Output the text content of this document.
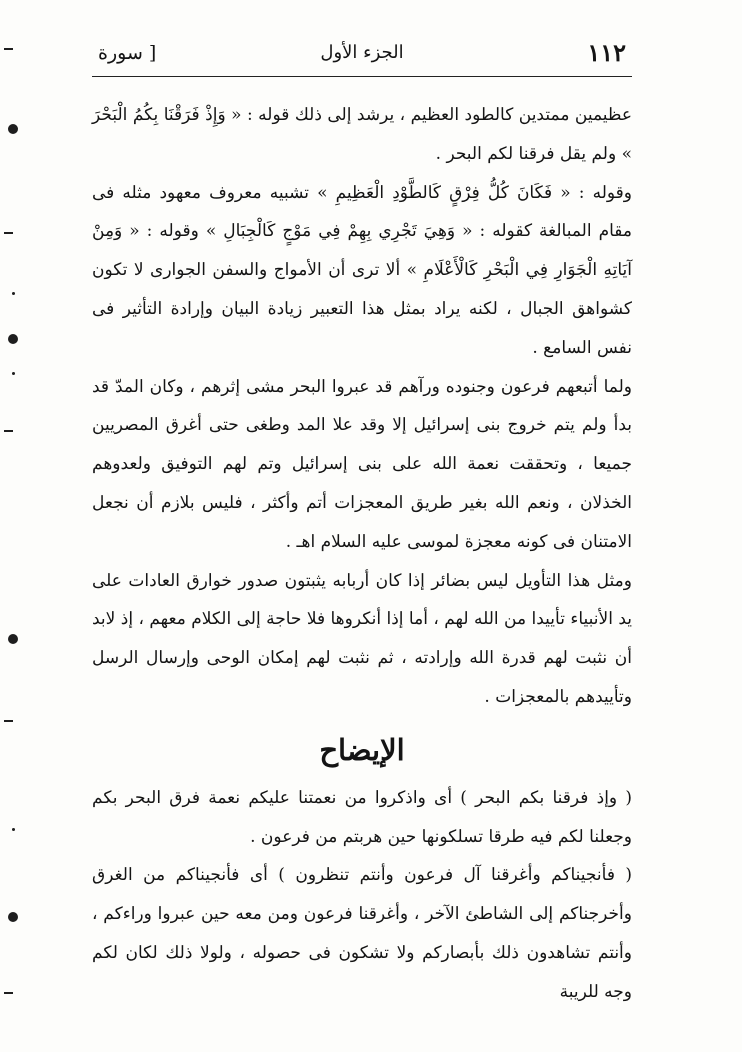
[ سورة	الجزء الأول	١١٢

عظيمين ممتدين كالطود العظيم ، يرشد إلى ذلك قوله : « وَإِذْ فَرَقْنَا بِكُمُ الْبَحْرَ » ولم يقل فرقنا لكم البحر .

وقوله : « فَكَانَ كُلُّ فِرْقٍ كَالطَّوْدِ الْعَظِيمِ » تشبيه معروف معهود مثله فى مقام المبالغة كقوله : « وَهِيَ تَجْرِي بِهِمْ فِي مَوْجٍ كَالْجِبَالِ » وقوله : « وَمِنْ آيَاتِهِ الْجَوَارِ فِي الْبَحْرِ كَالْأَعْلَامِ » ألا ترى أن الأمواج والسفن الجوارى لا تكون كشواهق الجبال ، لكنه يراد بمثل هذا التعبير زيادة البيان وإرادة التأثير فى نفس السامع .

ولما أتبعهم فرعون وجنوده ورآهم قد عبروا البحر مشى إثرهم ، وكان المدّ قد بدأ ولم يتم خروج بنى إسرائيل إلا وقد علا المد وطغى حتى أغرق المصريين جميعا ، وتحققت نعمة الله على بنى إسرائيل وتم لهم التوفيق ولعدوهم الخذلان ، ونعم الله بغير طريق المعجزات أتم وأكثر ، فليس بلازم أن نجعل الامتنان فى كونه معجزة لموسى عليه السلام اهـ .

ومثل هذا التأويل ليس بضائر إذا كان أربابه يثبتون صدور خوارق العادات على يد الأنبياء تأييدا من الله لهم ، أما إذا أنكروها فلا حاجة إلى الكلام معهم ، إذ لابد أن نثبت لهم قدرة الله وإرادته ، ثم نثبت لهم إمكان الوحى وإرسال الرسل وتأييدهم بالمعجزات .

الإيضاح

( وإذ فرقنا بكم البحر ) أى واذكروا من نعمتنا عليكم نعمة فرق البحر بكم وجعلنا لكم فيه طرقا تسلكونها حين هربتم من فرعون .

( فأنجيناكم وأغرقنا آل فرعون وأنتم تنظرون ) أى فأنجيناكم من الغرق وأخرجناكم إلى الشاطئ الآخر ، وأغرقنا فرعون ومن معه حين عبروا وراءكم ، وأنتم تشاهدون ذلك بأبصاركم ولا تشكون فى حصوله ، ولولا ذلك لكان لكم وجه للريبة
